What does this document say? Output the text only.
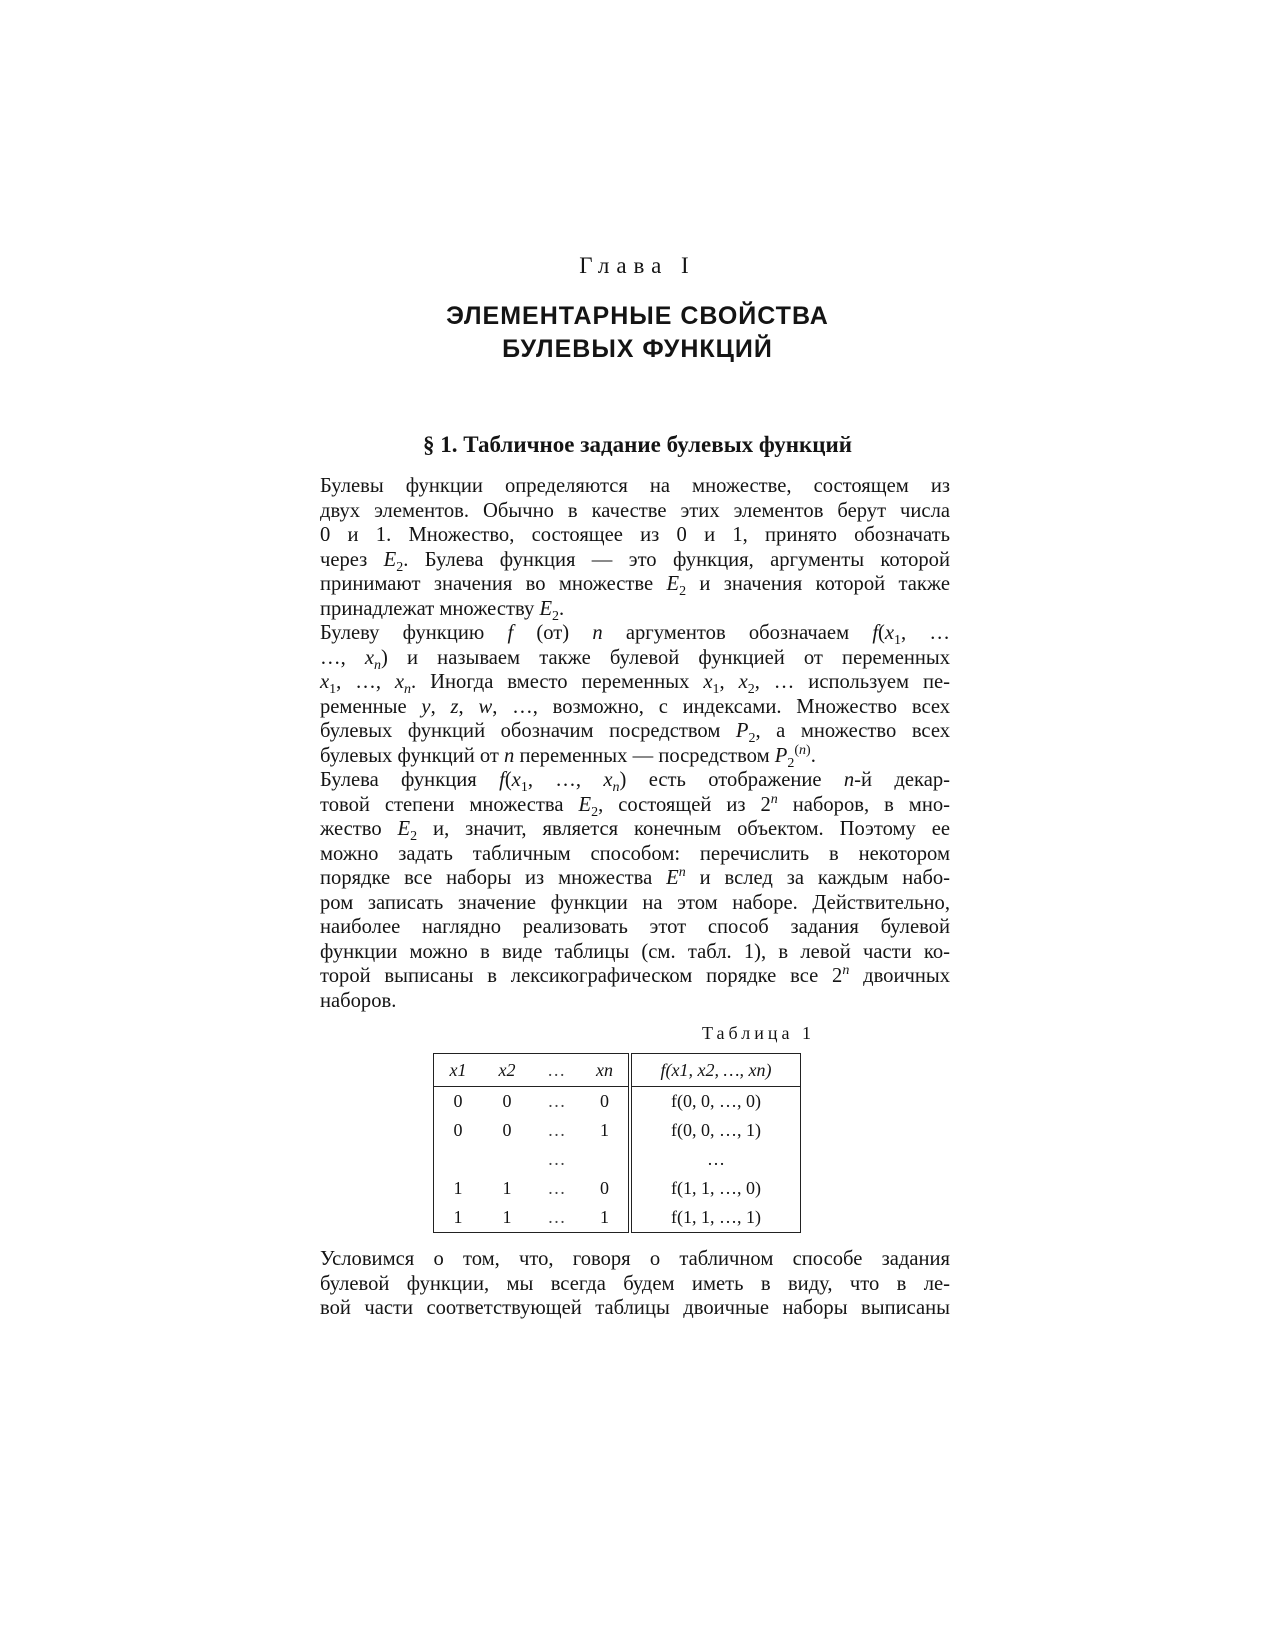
Глава I
ЭЛЕМЕНТАРНЫЕ СВОЙСТВА
БУЛЕВЫХ ФУНКЦИЙ
§ 1. Табличное задание булевых функций

Булевы функции определяются на множестве, состоящем из
двух элементов. Обычно в качестве этих элементов берут числа
0 и 1. Множество, состоящее из 0 и 1, принято обозначать
через $E_2$. Булева функция — это функция, аргументы которой
принимают значения во множестве $E_2$ и значения которой также
принадлежат множеству $E_2$.

Булеву функцию f (от) n аргументов обозначаем $f(x_1$, …
…, $x_n$) и называем также булевой функцией от переменных
$x_1$, …, $x_n$. Иногда вместо переменных $x_1$, $x_2$, … используем пе-
ременные y, z, w, …, возможно, с индексами. Множество всех
булевых функций обозначим посредством $P_2$, а множество всех
булевых функций от n переменных — посредством $P_2^{(n)}$.

Булева функция $f(x_1$, …, $x_n$) есть отображение n-й декар-
товой степени множества $E_2$, состоящей из 2$^n$ наборов, в мно-
жество $E_2$ и, значит, является конечным объектом. Поэтому ее
можно задать табличным способом: перечислить в некотором
порядке все наборы из множества $E^n$ и вслед за каждым набо-
ром записать значение функции на этом наборе. Действительно,
наиболее наглядно реализовать этот способ задания булевой
функции можно в виде таблицы (см. табл. 1), в левой части ко-
торой выписаны в лексикографическом порядке все 2$^n$ двоичных
наборов.

Таблица 1
x1	x2	…	xn	f(x1, x2, …, xn)
0	0	…	0	f(0, 0, …, 0)
0	0	…	1	f(0, 0, …, 1)
		…		…
1	1	…	0	f(1, 1, …, 0)
1	1	…	1	f(1, 1, …, 1)

Условимся о том, что, говоря о табличном способе задания
булевой функции, мы всегда будем иметь в виду, что в ле-
вой части соответствующей таблицы двоичные наборы выписаны
